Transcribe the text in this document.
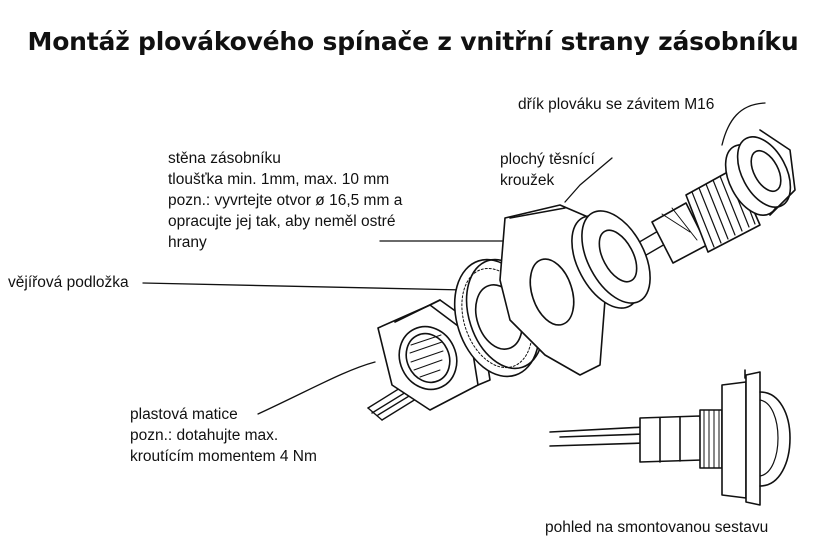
Montáž plovákového spínače z vnitřní strany zásobníku
dřík plováku se závitem M16
plochý těsnící
kroužek
stěna zásobníku
tloušťka min. 1mm, max. 10 mm
pozn.: vyvrtejte otvor ø 16,5 mm a
opracujte jej tak, aby neměl ostré
hrany
vějířová podložka
plastová matice
pozn.: dotahujte max.
kroutícím momentem 4 Nm
pohled na smontovanou sestavu
